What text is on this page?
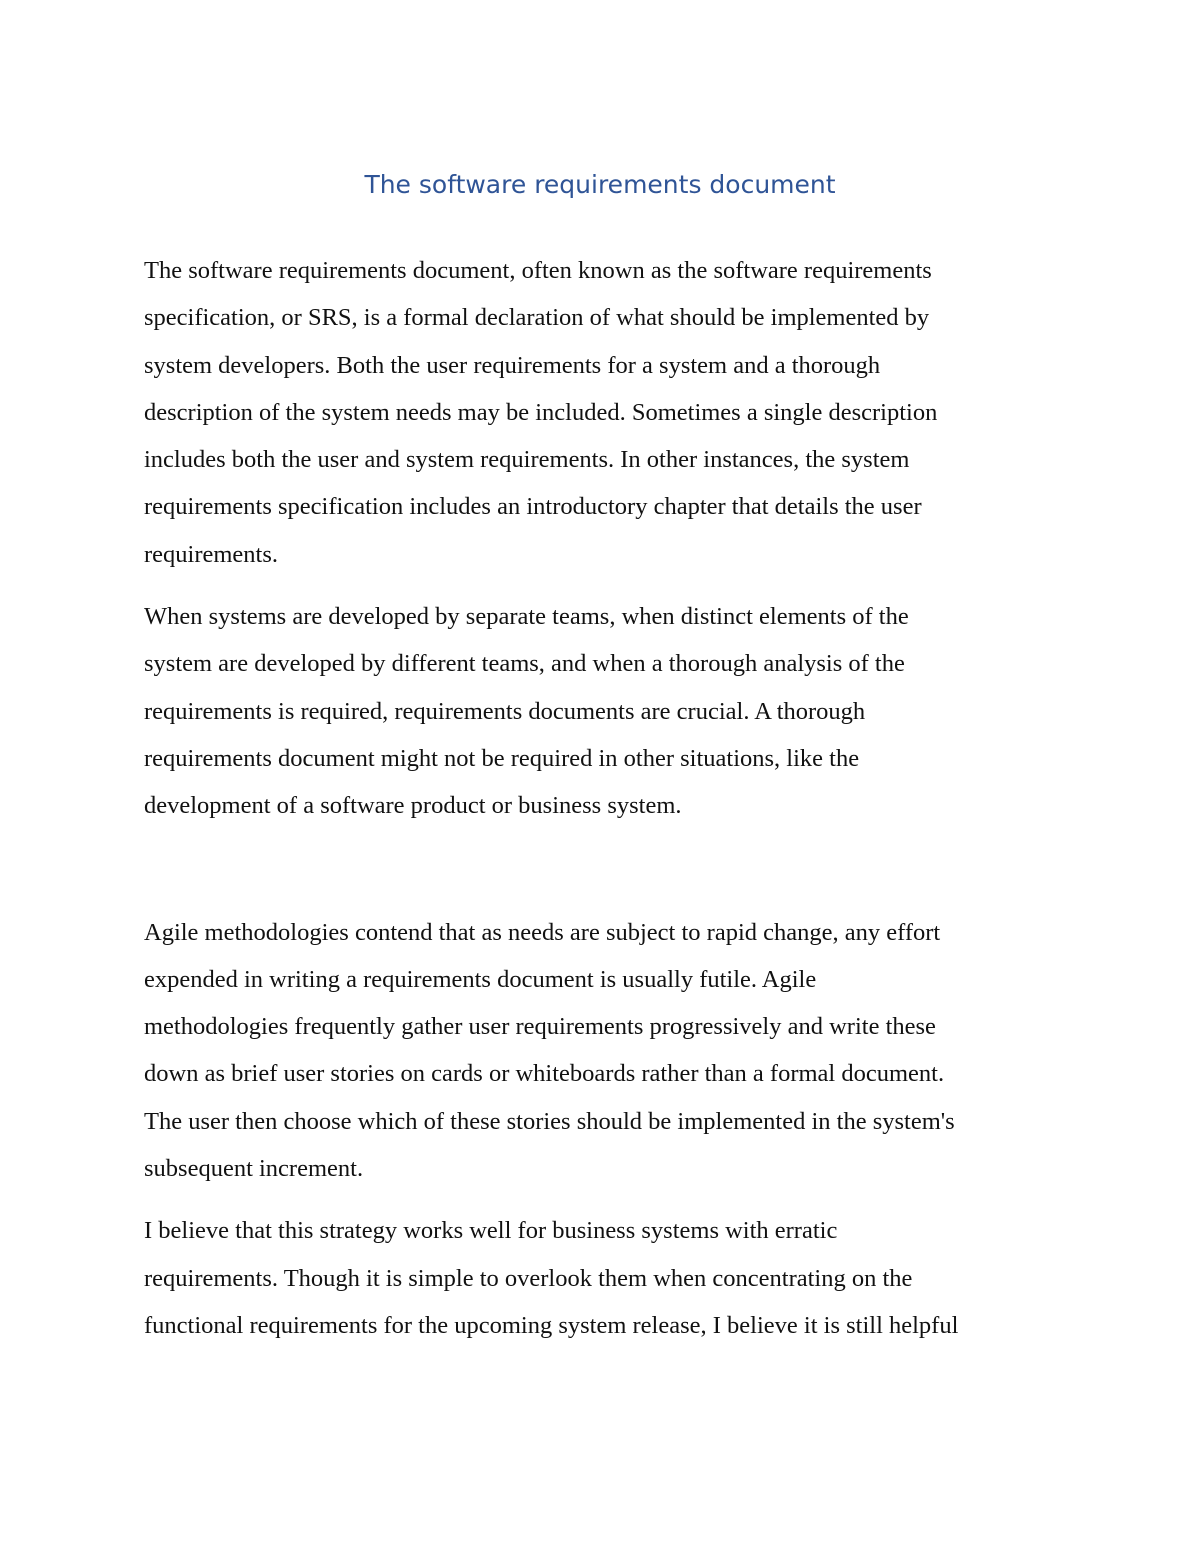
The software requirements document
The software requirements document, often known as the software requirements
specification, or SRS, is a formal declaration of what should be implemented by
system developers. Both the user requirements for a system and a thorough
description of the system needs may be included. Sometimes a single description
includes both the user and system requirements. In other instances, the system
requirements specification includes an introductory chapter that details the user
requirements.
When systems are developed by separate teams, when distinct elements of the
system are developed by different teams, and when a thorough analysis of the
requirements is required, requirements documents are crucial. A thorough
requirements document might not be required in other situations, like the
development of a software product or business system.
Agile methodologies contend that as needs are subject to rapid change, any effort
expended in writing a requirements document is usually futile. Agile
methodologies frequently gather user requirements progressively and write these
down as brief user stories on cards or whiteboards rather than a formal document.
The user then choose which of these stories should be implemented in the system's
subsequent increment.
I believe that this strategy works well for business systems with erratic
requirements. Though it is simple to overlook them when concentrating on the
functional requirements for the upcoming system release, I believe it is still helpful
